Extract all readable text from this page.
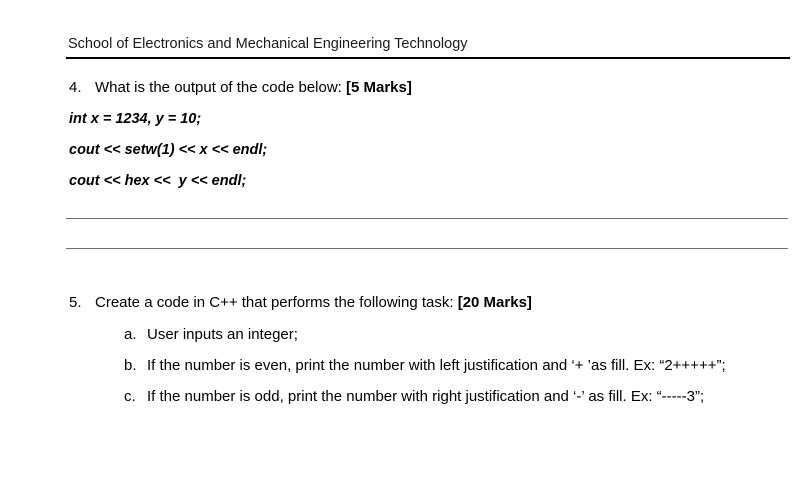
School of Electronics and Mechanical Engineering Technology
4. What is the output of the code below: [5 Marks]
int x = 1234, y = 10;
cout << setw(1) << x << endl;
cout << hex <<  y << endl;
5. Create a code in C++ that performs the following task: [20 Marks]
a. User inputs an integer;
b. If the number is even, print the number with left justification and ‘+ ’as fill. Ex: “2+++++”;
c. If the number is odd, print the number with right justification and ‘-’ as fill. Ex: “-----3”;
